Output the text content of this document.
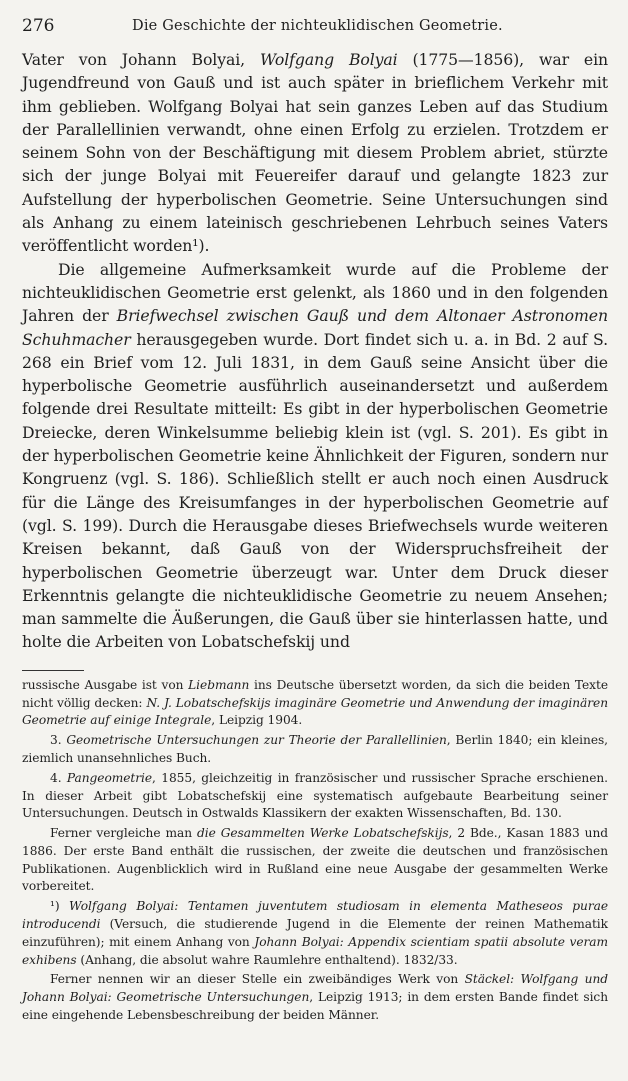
276	Die Geschichte der nichteuklidischen Geometrie.

Vater von Johann Bolyai, Wolfgang Bolyai (1775—1856), war ein Jugendfreund von Gauß und ist auch später in brieflichem Verkehr mit ihm geblieben. Wolfgang Bolyai hat sein ganzes Leben auf das Studium der Parallellinien verwandt, ohne einen Erfolg zu erzielen. Trotzdem er seinem Sohn von der Beschäftigung mit diesem Problem abriet, stürzte sich der junge Bolyai mit Feuereifer darauf und gelangte 1823 zur Aufstellung der hyperbolischen Geometrie. Seine Untersuchungen sind als Anhang zu einem lateinisch geschriebenen Lehrbuch seines Vaters veröffentlicht worden¹).

Die allgemeine Aufmerksamkeit wurde auf die Probleme der nichteuklidischen Geometrie erst gelenkt, als 1860 und in den folgenden Jahren der Briefwechsel zwischen Gauß und dem Altonaer Astronomen Schuhmacher herausgegeben wurde. Dort findet sich u. a. in Bd. 2 auf S. 268 ein Brief vom 12. Juli 1831, in dem Gauß seine Ansicht über die hyperbolische Geometrie ausführlich auseinandersetzt und außerdem folgende drei Resultate mitteilt: Es gibt in der hyperbolischen Geometrie Dreiecke, deren Winkelsumme beliebig klein ist (vgl. S. 201). Es gibt in der hyperbolischen Geometrie keine Ähnlichkeit der Figuren, sondern nur Kongruenz (vgl. S. 186). Schließlich stellt er auch noch einen Ausdruck für die Länge des Kreisumfanges in der hyperbolischen Geometrie auf (vgl. S. 199). Durch die Herausgabe dieses Briefwechsels wurde weiteren Kreisen bekannt, daß Gauß von der Widerspruchsfreiheit der hyperbolischen Geometrie überzeugt war. Unter dem Druck dieser Erkenntnis gelangte die nichteuklidische Geometrie zu neuem Ansehen; man sammelte die Äußerungen, die Gauß über sie hinterlassen hatte, und holte die Arbeiten von Lobatschefskij und

russische Ausgabe ist von Liebmann ins Deutsche übersetzt worden, da sich die beiden Texte nicht völlig decken: N. J. Lobatschefskijs imaginäre Geometrie und Anwendung der imaginären Geometrie auf einige Integrale, Leipzig 1904.

3. Geometrische Untersuchungen zur Theorie der Parallellinien, Berlin 1840; ein kleines, ziemlich unansehnliches Buch.

4. Pangeometrie, 1855, gleichzeitig in französischer und russischer Sprache erschienen. In dieser Arbeit gibt Lobatschefskij eine systematisch aufgebaute Bearbeitung seiner Untersuchungen. Deutsch in Ostwalds Klassikern der exakten Wissenschaften, Bd. 130.

Ferner vergleiche man die Gesammelten Werke Lobatschefskijs, 2 Bde., Kasan 1883 und 1886. Der erste Band enthält die russischen, der zweite die deutschen und französischen Publikationen. Augenblicklich wird in Rußland eine neue Ausgabe der gesammelten Werke vorbereitet.

¹) Wolfgang Bolyai: Tentamen juventutem studiosam in elementa Matheseos purae introducendi (Versuch, die studierende Jugend in die Elemente der reinen Mathematik einzuführen); mit einem Anhang von Johann Bolyai: Appendix scientiam spatii absolute veram exhibens (Anhang, die absolut wahre Raumlehre enthaltend). 1832/33.

Ferner nennen wir an dieser Stelle ein zweibändiges Werk von Stäckel: Wolfgang und Johann Bolyai: Geometrische Untersuchungen, Leipzig 1913; in dem ersten Bande findet sich eine eingehende Lebensbeschreibung der beiden Männer.
